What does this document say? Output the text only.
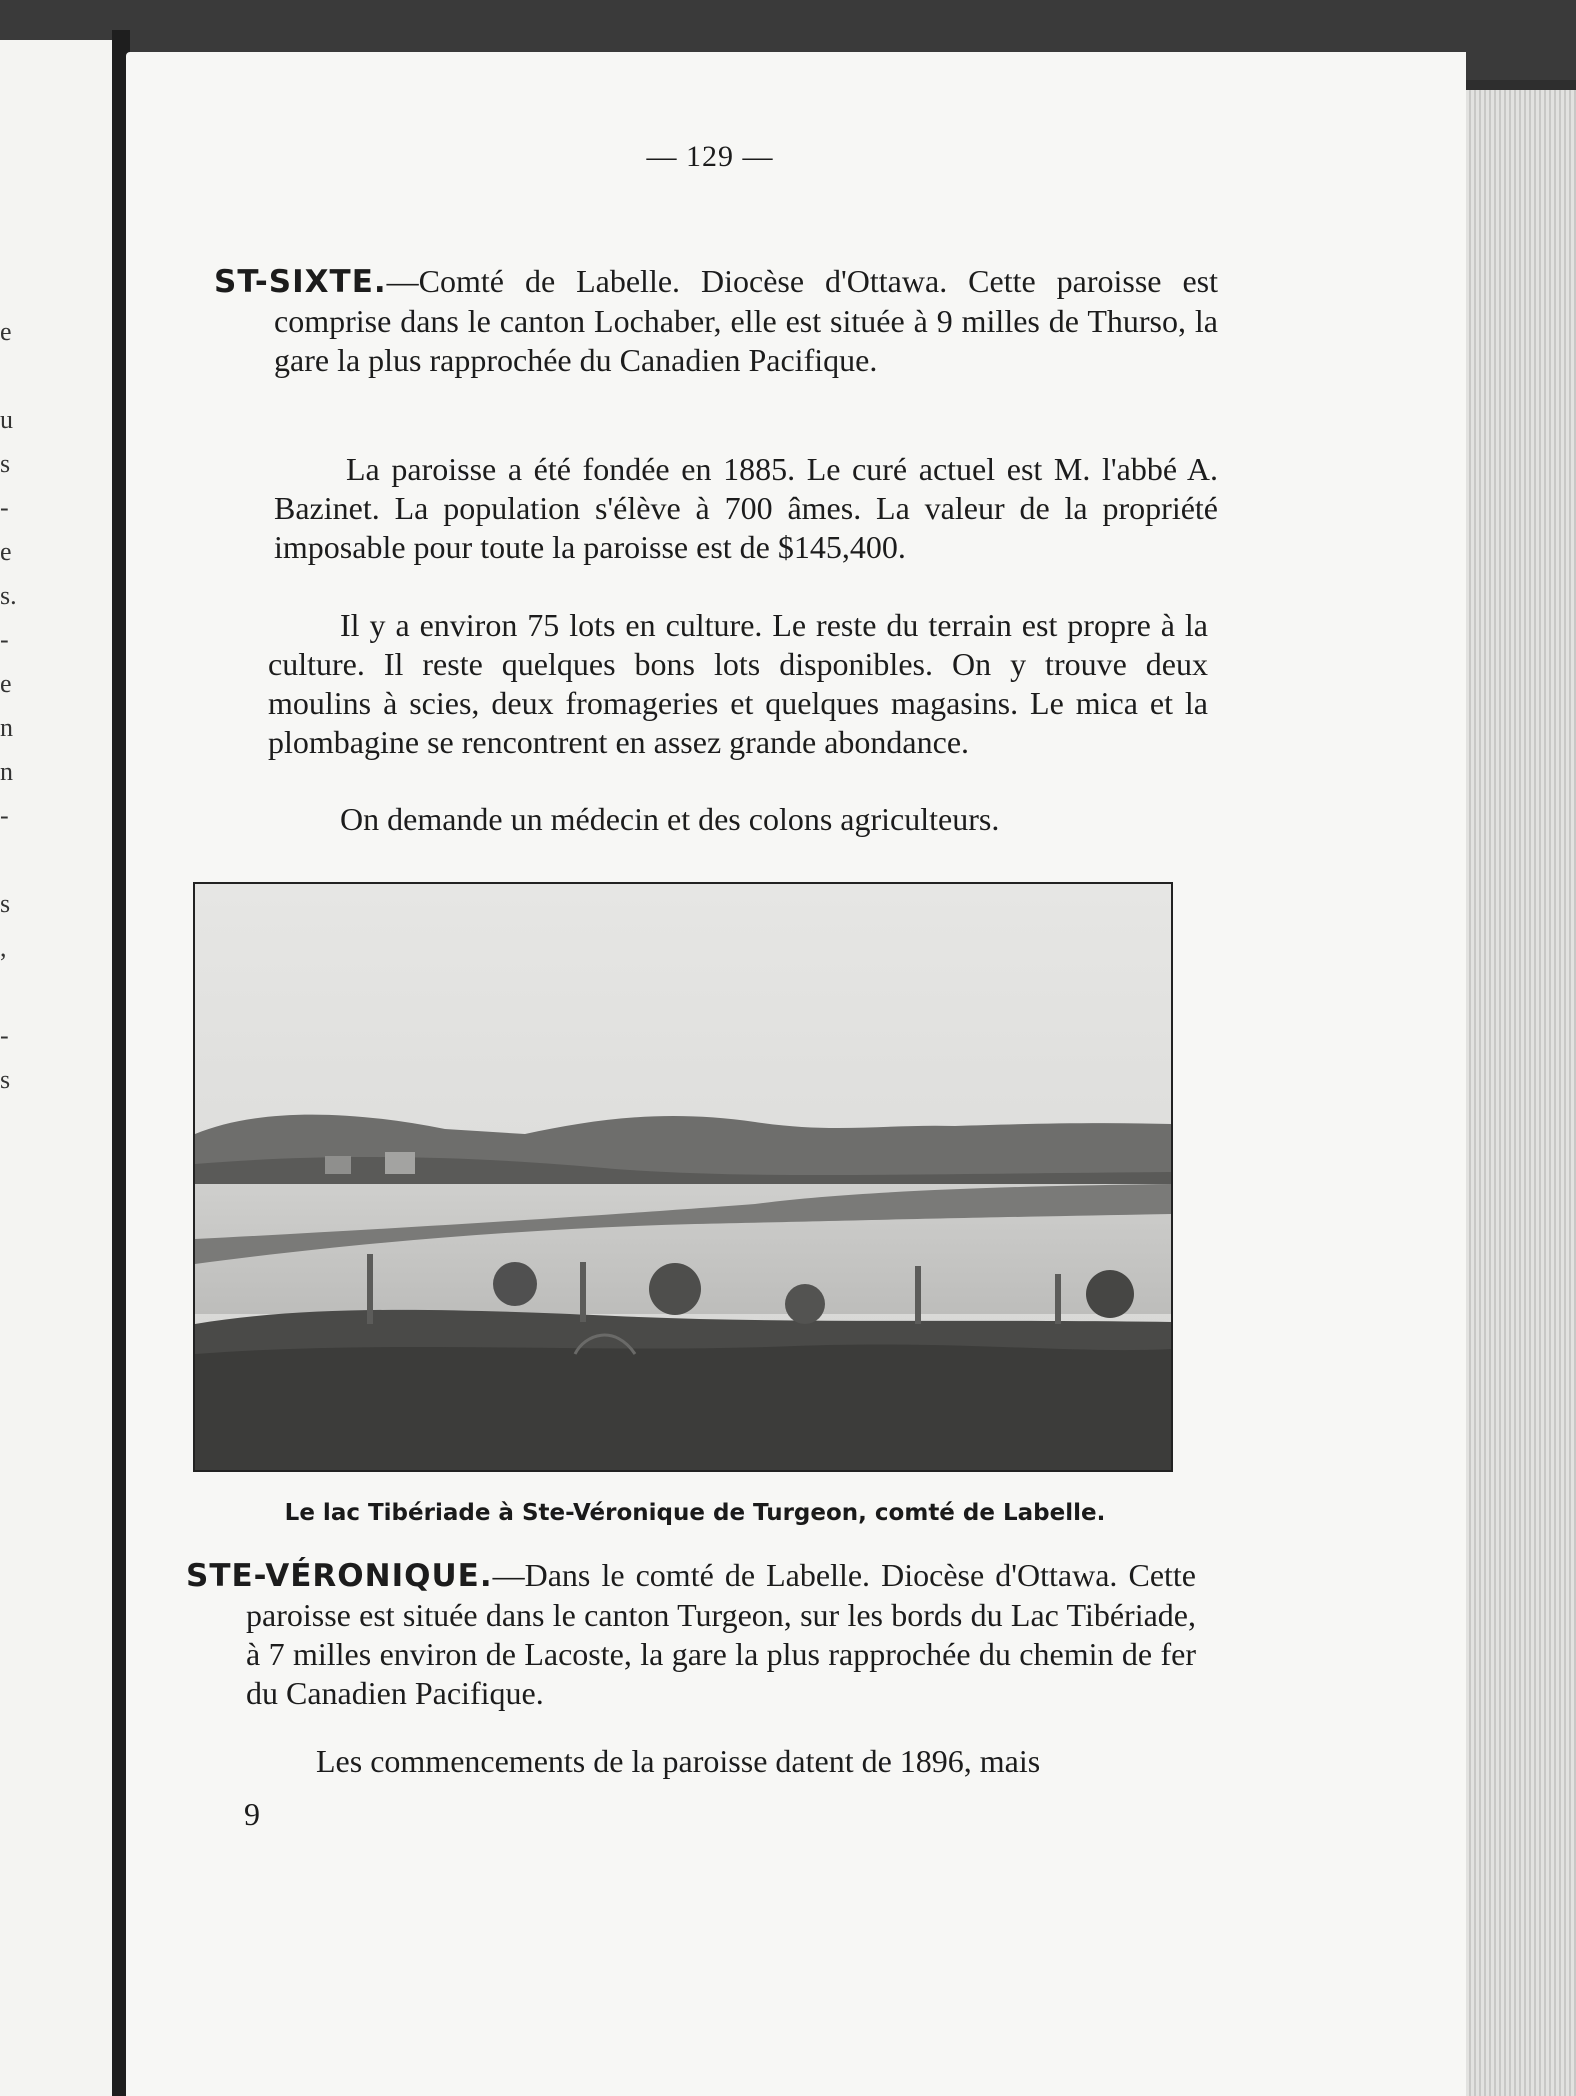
e
u
s
-
e
s.
-
e
n
n
-
s
,
-
s
— 129 —

ST-SIXTE.—Comté de Labelle. Diocèse d'Ottawa. Cette paroisse est comprise dans le canton Lochaber, elle est située à 9 milles de Thurso, la gare la plus rapprochée du Canadien Pacifique.

La paroisse a été fondée en 1885. Le curé actuel est M. l'abbé A. Bazinet. La population s'élève à 700 âmes. La valeur de la propriété imposable pour toute la paroisse est de $145,400.

Il y a environ 75 lots en culture. Le reste du terrain est propre à la culture. Il reste quelques bons lots disponibles. On y trouve deux moulins à scies, deux fromageries et quelques magasins. Le mica et la plombagine se rencontrent en assez grande abondance.

On demande un médecin et des colons agriculteurs.

Le lac Tibériade à Ste-Véronique de Turgeon, comté de Labelle.

STE-VÉRONIQUE.—Dans le comté de Labelle. Diocèse d'Ottawa. Cette paroisse est située dans le canton Turgeon, sur les bords du Lac Tibériade, à 7 milles environ de Lacoste, la gare la plus rapprochée du chemin de fer du Canadien Pacifique.

Les commencements de la paroisse datent de 1896, mais

9
